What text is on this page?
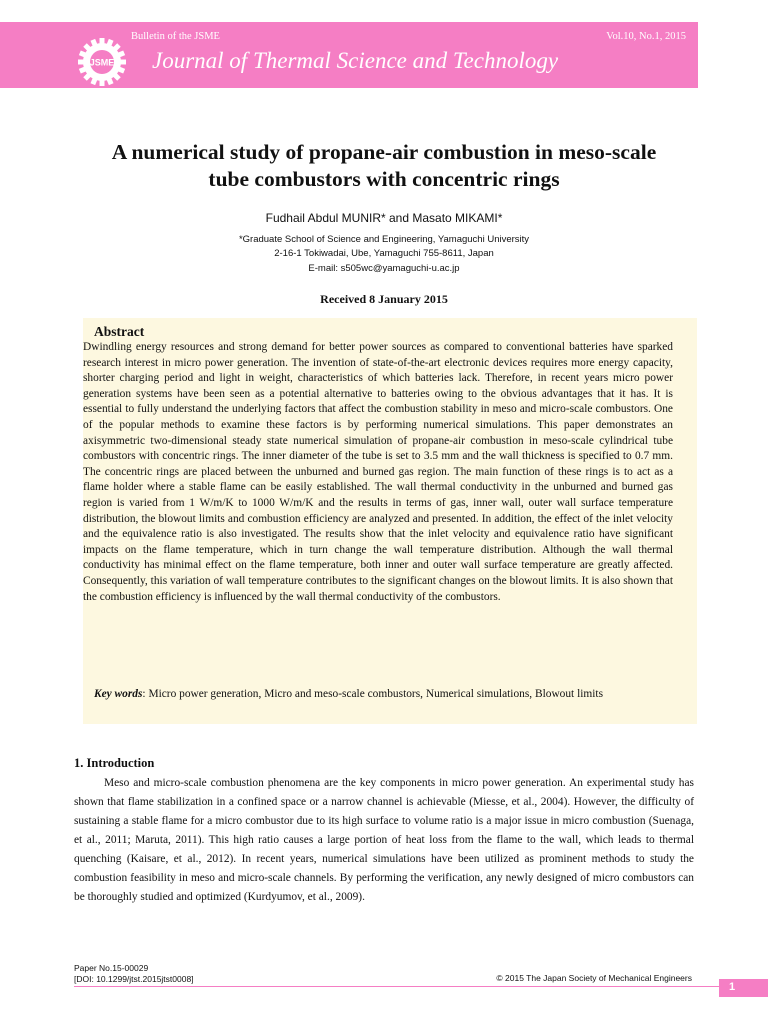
JSME
Bulletin of the JSME	Vol.10, No.1, 2015
Journal of Thermal Science and Technology
A numerical study of propane-air combustion in meso-scale
tube combustors with concentric rings
Fudhail Abdul MUNIR* and Masato MIKAMI*
*Graduate School of Science and Engineering, Yamaguchi University
2-16-1 Tokiwadai, Ube, Yamaguchi 755-8611, Japan
E-mail: s505wc@yamaguchi-u.ac.jp
Received 8 January 2015
Abstract
Dwindling energy resources and strong demand for better power sources as compared to conventional batteries have sparked research interest in micro power generation. The invention of state-of-the-art electronic devices requires more energy capacity, shorter charging period and light in weight, characteristics of which batteries lack. Therefore, in recent years micro power generation systems have been seen as a potential alternative to batteries owing to the obvious advantages that it has. It is essential to fully understand the underlying factors that affect the combustion stability in meso and micro-scale combustors. One of the popular methods to examine these factors is by performing numerical simulations. This paper demonstrates an axisymmetric two-dimensional steady state numerical simulation of propane-air combustion in meso-scale cylindrical tube combustors with concentric rings. The inner diameter of the tube is set to 3.5 mm and the wall thickness is specified to 0.7 mm. The concentric rings are placed between the unburned and burned gas region. The main function of these rings is to act as a flame holder where a stable flame can be easily established. The wall thermal conductivity in the unburned and burned gas region is varied from 1 W/m/K to 1000 W/m/K and the results in terms of gas, inner wall, outer wall surface temperature distribution, the blowout limits and combustion efficiency are analyzed and presented. In addition, the effect of the inlet velocity and the equivalence ratio is also investigated. The results show that the inlet velocity and equivalence ratio have significant impacts on the flame temperature, which in turn change the wall temperature distribution. Although the wall thermal conductivity has minimal effect on the flame temperature, both inner and outer wall surface temperature are greatly affected. Consequently, this variation of wall temperature contributes to the significant changes on the blowout limits. It is also shown that the combustion efficiency is influenced by the wall thermal conductivity of the combustors.
Key words: Micro power generation, Micro and meso-scale combustors, Numerical simulations, Blowout limits
1. Introduction
Meso and micro-scale combustion phenomena are the key components in micro power generation. An experimental study has shown that flame stabilization in a confined space or a narrow channel is achievable (Miesse, et al., 2004). However, the difficulty of sustaining a stable flame for a micro combustor due to its high surface to volume ratio is a major issue in micro combustion (Suenaga, et al., 2011; Maruta, 2011). This high ratio causes a large portion of heat loss from the flame to the wall, which leads to thermal quenching (Kaisare, et al., 2012). In recent years, numerical simulations have been utilized as prominent methods to study the combustion feasibility in meso and micro-scale channels. By performing the verification, any newly designed of micro combustors can be thoroughly studied and optimized (Kurdyumov, et al., 2009).
Paper No.15-00029
[DOI: 10.1299/jtst.2015jtst0008]	© 2015 The Japan Society of Mechanical Engineers
1
